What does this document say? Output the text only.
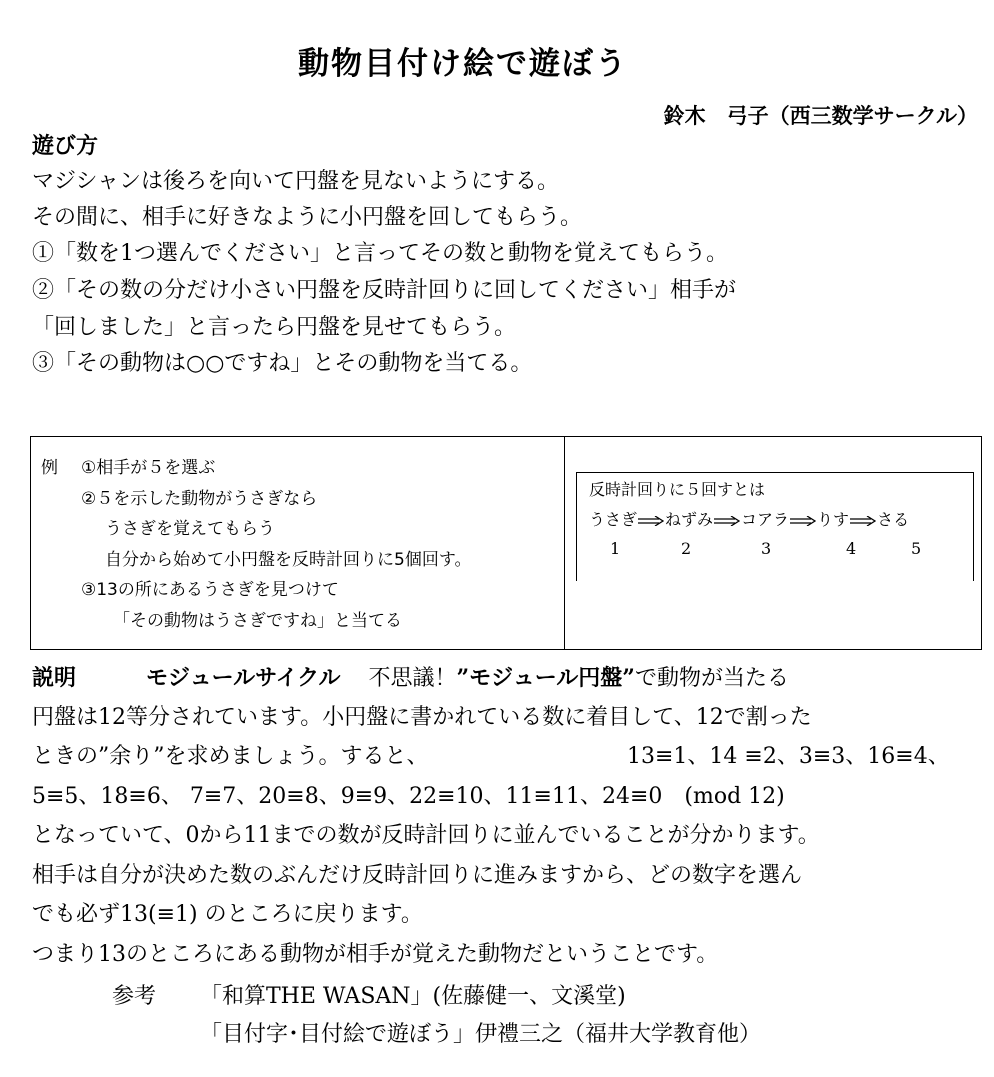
動物目付け絵で遊ぼう
鈴木　弓子（西三数学サークル）
遊び方
マジシャンは後ろを向いて円盤を見ないようにする。
その間に、相手に好きなように小円盤を回してもらう。
①「数を1つ選んでください」と言ってその数と動物を覚えてもらう。
②「その数の分だけ小さい円盤を反時計回りに回してください」相手が
「回しました」と言ったら円盤を見せてもらう。
③「その動物は○○ですね」とその動物を当てる。
例 ①相手が５を選ぶ
②５を示した動物がうさぎなら
うさぎを覚えてもらう
自分から始めて小円盤を反時計回りに5個回す。
③13の所にあるうさぎを見つけて
「その動物はうさぎですね」と当てる
反時計回りに５回すとは
うさぎ ねずみ コアラ りす さる
1	2	3	4	5
説明	モジュールサイクル 不思議！”モジュール円盤”で動物が当たる
円盤は12等分されています。小円盤に書かれている数に着目して、12で割った
ときの”余り”を求めましょう。すると、	13≡1、14 ≡2、3≡3、16≡4、
5≡5、18≡6、 7≡7、20≡8、9≡9、22≡10、11≡11、24≡0　(mod 12)
となっていて、0から11までの数が反時計回りに並んでいることが分かります。
相手は自分が決めた数のぶんだけ反時計回りに進みますから、どの数字を選ん
でも必ず13(≡1) のところに戻ります。
つまり13のところにある動物が相手が覚えた動物だということです。
参考 「和算THE WASAN」(佐藤健一、文溪堂)
「目付字･目付絵で遊ぼう」伊禮三之（福井大学教育他）
